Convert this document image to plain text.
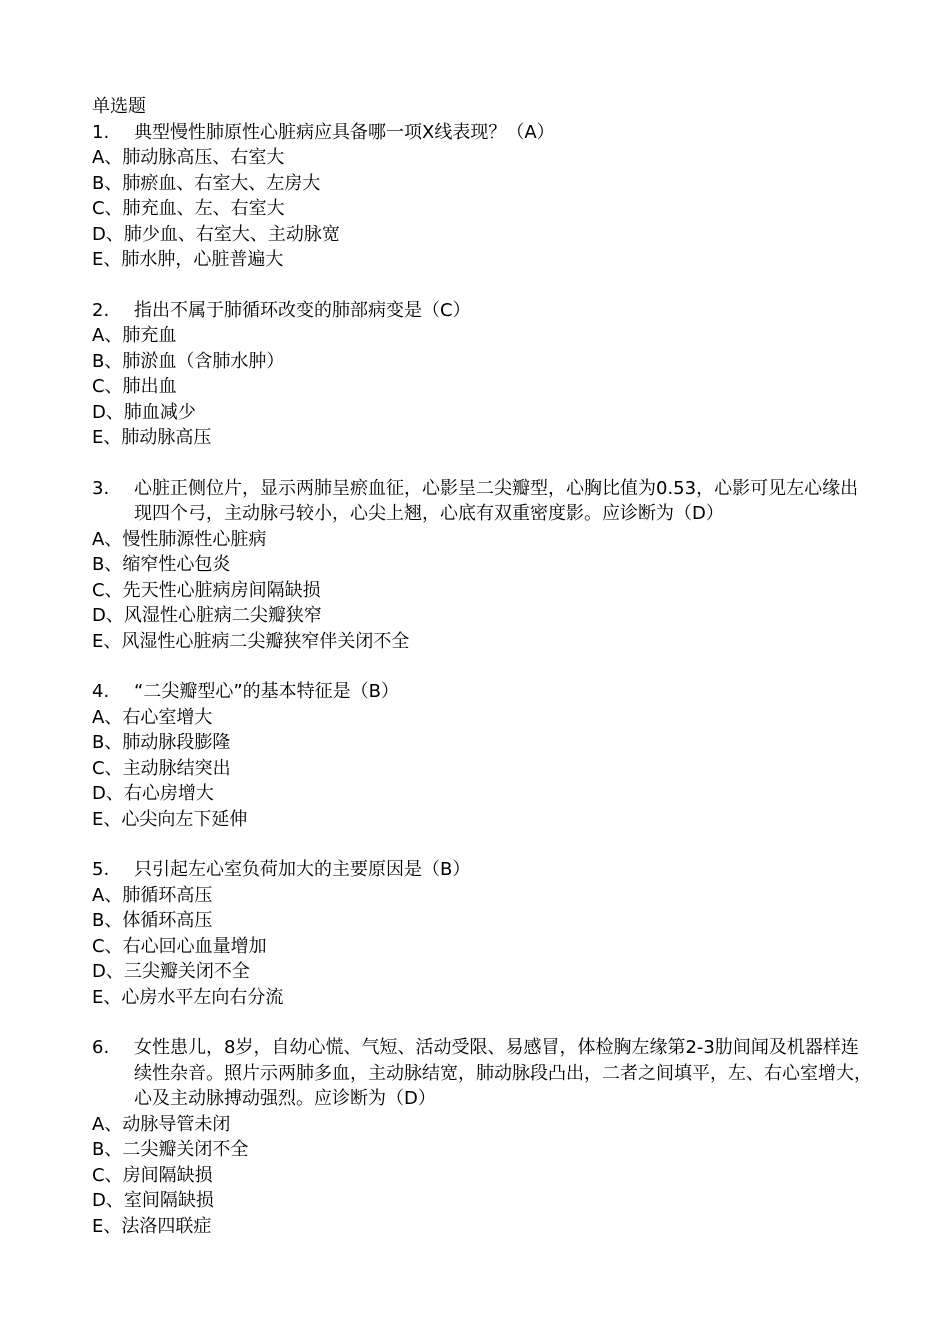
单选题
1.	典型慢性肺原性心脏病应具备哪一项X线表现？（A）
A、肺动脉高压、右室大
B、肺瘀血、右室大、左房大
C、肺充血、左、右室大
D、肺少血、右室大、主动脉宽
E、肺水肿，心脏普遍大
2.	指出不属于肺循环改变的肺部病变是（C）
A、肺充血
B、肺淤血（含肺水肿）
C、肺出血
D、肺血减少
E、肺动脉高压
3.	心脏正侧位片，显示两肺呈瘀血征，心影呈二尖瓣型，心胸比值为0.53，心影可见左心缘出现四个弓，主动脉弓较小，心尖上翘，心底有双重密度影。应诊断为（D）
A、慢性肺源性心脏病
B、缩窄性心包炎
C、先天性心脏病房间隔缺损
D、风湿性心脏病二尖瓣狭窄
E、风湿性心脏病二尖瓣狭窄伴关闭不全
4.	“二尖瓣型心”的基本特征是（B）
A、右心室增大
B、肺动脉段膨隆
C、主动脉结突出
D、右心房增大
E、心尖向左下延伸
5.	只引起左心室负荷加大的主要原因是（B）
A、肺循环高压
B、体循环高压
C、右心回心血量增加
D、三尖瓣关闭不全
E、心房水平左向右分流
6.	女性患儿，8岁，自幼心慌、气短、活动受限、易感冒，体检胸左缘第2-3肋间闻及机器样连续性杂音。照片示两肺多血，主动脉结宽，肺动脉段凸出，二者之间填平，左、右心室增大，心及主动脉搏动强烈。应诊断为（D）
A、动脉导管未闭
B、二尖瓣关闭不全
C、房间隔缺损
D、室间隔缺损
E、法洛四联症
